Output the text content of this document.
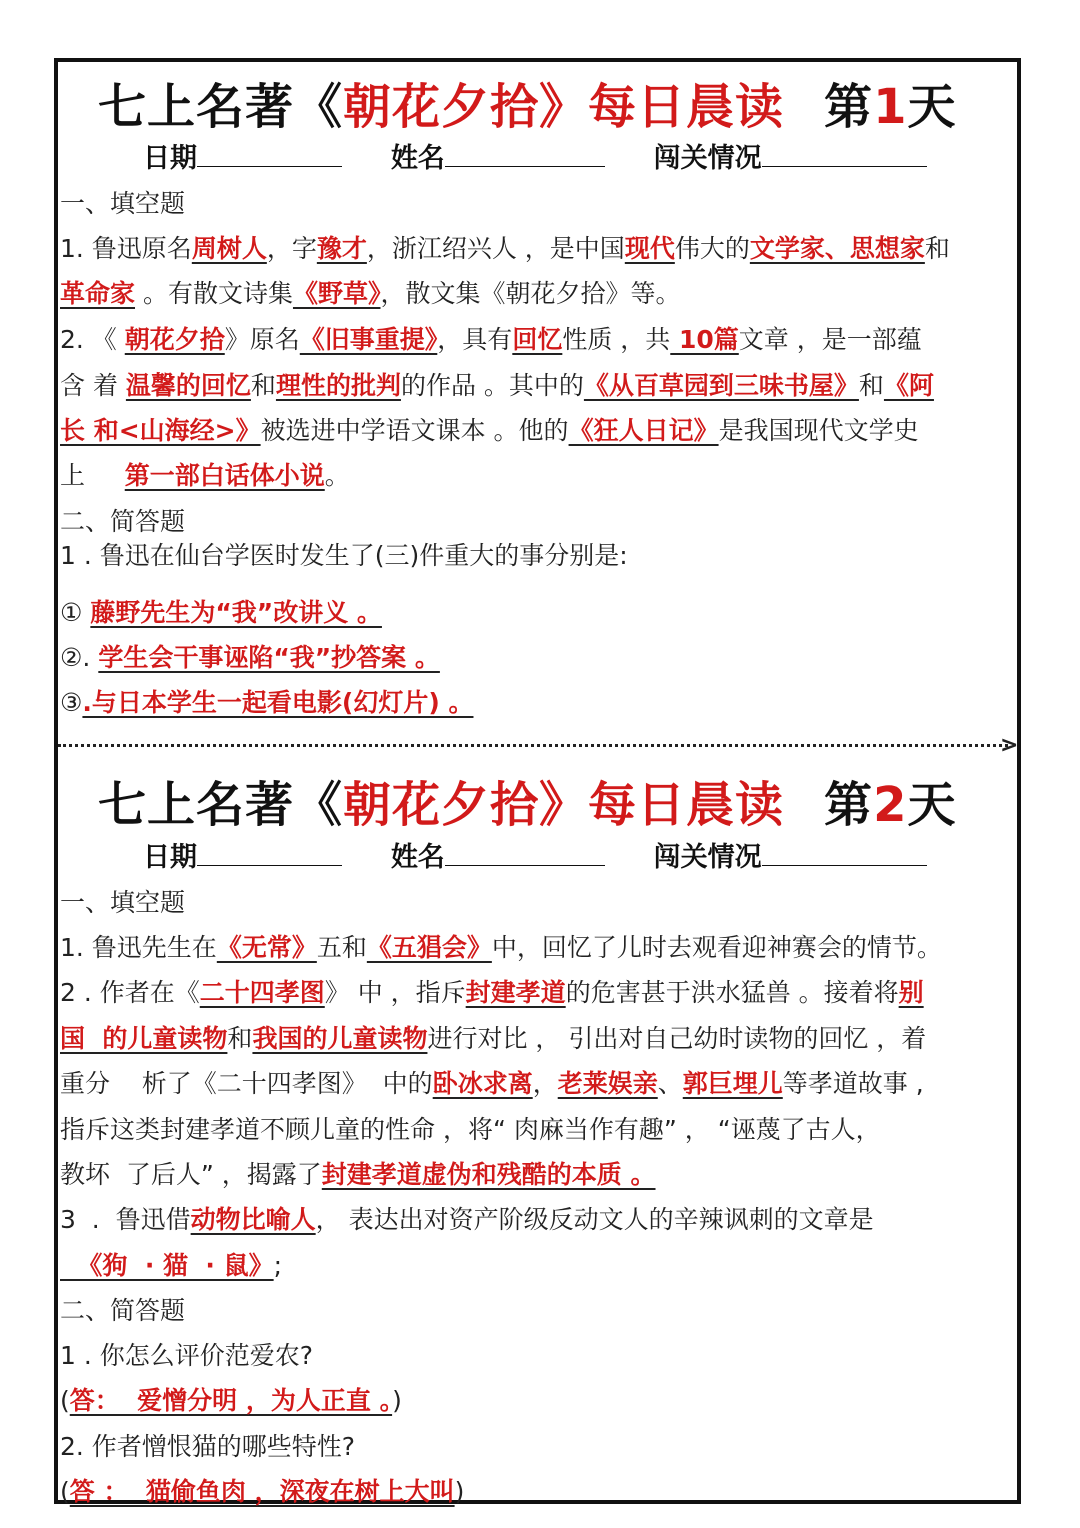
七上名著《朝花夕拾》每日晨读 第1天
日期	姓名	闯关情况
一、填空题
1. 鲁迅原名周树人，字豫才，浙江绍兴人 ，是中国现代伟大的文学家、思想家和
革命家 。有散文诗集《野草》，散文集《朝花夕拾》等。
2. 《 朝花夕拾》原名《旧事重提》，具有回忆性质 ，共 10篇文章 ，是一部蕴
含 着 温馨的回忆和理性的批判的作品 。其中的《从百草园到三味书屋》和《阿
长 和<山海经>》被选进中学语文课本 。他的《狂人日记》是我国现代文学史
上     第一部白话体小说。
二、简答题
1 . 鲁迅在仙台学医时发生了(三)件重大的事分别是:
① 藤野先生为“我”改讲义 。
②. 学生会干事诬陷“我”抄答案 。
③.与日本学生一起看电影(幻灯片) 。
>
七上名著《朝花夕拾》每日晨读 第2天
日期	姓名	闯关情况
一、填空题
1. 鲁迅先生在《无常》五和《五猖会》中，回忆了儿时去观看迎神赛会的情节。
2 . 作者在《二十四孝图》 中 ，指斥封建孝道的危害甚于洪水猛兽 。接着将别
国  的儿童读物和我国的儿童读物进行对比 ， 引出对自己幼时读物的回忆 ，着
重分    析了《二十四孝图》  中的卧冰求离，老莱娱亲、郭巨埋儿等孝道故事 ,
指斥这类封建孝道不顾儿童的性命 ，将“ 肉麻当作有趣” ， “诬蔑了古人，
教坏  了后人” ，揭露了封建孝道虚伪和残酷的本质 。
3  .  鲁迅借动物比喻人， 表达出对资产阶级反动文人的辛辣讽刺的文章是
《狗  · 猫  · 鼠》;
二、简答题
1 . 你怎么评价范爱农?
(答：  爱憎分明 ，为人正直 。)
2. 作者憎恨猫的哪些特性?
(答 ：  猫偷鱼肉 ，深夜在树上大叫)
